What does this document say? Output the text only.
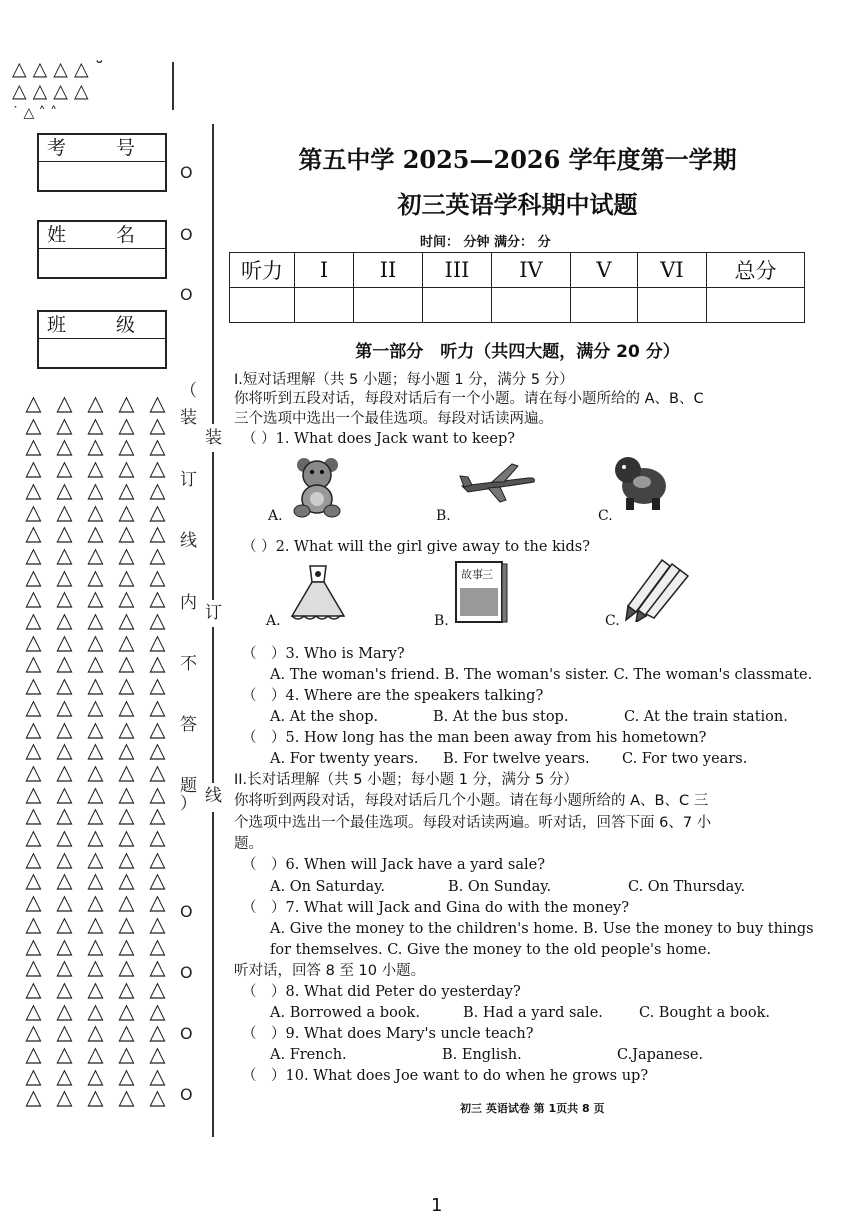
△ △ △ △ ˘
△ △ △ △
˙ △ ˄ ˄
考 号
姓 名
班 级
O
O
O
O
O
O
O
△ △ △ △ △
△ △ △ △ △
△ △ △ △ △
△ △ △ △ △
△ △ △ △ △
△ △ △ △ △
△ △ △ △ △
△ △ △ △ △
△ △ △ △ △
△ △ △ △ △
△ △ △ △ △
△ △ △ △ △
△ △ △ △ △
△ △ △ △ △
△ △ △ △ △
△ △ △ △ △
△ △ △ △ △
△ △ △ △ △
△ △ △ △ △
△ △ △ △ △
△ △ △ △ △
△ △ △ △ △
△ △ △ △ △
△ △ △ △ △
△ △ △ △ △
△ △ △ △ △
△ △ △ △ △
△ △ △ △ △
△ △ △ △ △
△ △ △ △ △
△ △ △ △ △
△ △ △ △ △
△ △ △ △ △
（
装
订
线
内
不
答
题
）
装
订
线
第五中学 2025—2026 学年度第一学期
初三英语学科期中试题
时间： 分钟 满分： 分
听力	I	II	III	IV	V	VI	总分

第一部分　听力（共四大题，满分 20 分）
I.短对话理解（共 5 小题；每小题 1 分，满分 5 分）
你将听到五段对话，每段对话后有一个小题。请在每小题所给的 A、B、C
三个选项中选出一个最佳选项。每段对话读两遍。
（ ）1. What does Jack want to keep?
A.	B.	C.
（ ）2. What will the girl give away to the kids?
A.	B.
故事 三
C.
（　）3. Who is Mary?
A. The woman's friend. B. The woman's sister. C. The woman's classmate.
（　）4. Where are the speakers talking?
A. At the shop.	B. At the bus stop.	C. At the train station.
（　）5. How long has the man been away from his hometown?
A. For twenty years. B. For twelve years. C. For two years.
II.长对话理解（共 5 小题；每小题 1 分，满分 5 分）
你将听到两段对话，每段对话后几个小题。请在每小题所给的 A、B、C 三
个选项中选出一个最佳选项。每段对话读两遍。听对话，回答下面 6、7 小
题。
（　）6. When will Jack have a yard sale?
A. On Saturday.	B. On Sunday.	C. On Thursday.
（　）7. What will Jack and Gina do with the money?
A. Give the money to the children's home. B. Use the money to buy things
for themselves. C. Give the money to the old people's home.
听对话，回答 8 至 10 小题。
（　）8. What did Peter do yesterday?
A. Borrowed a book.	B. Had a yard sale. C. Bought a book.
（　）9. What does Mary's uncle teach?
A. French.	B. English.	C.Japanese.
（　）10. What does Joe want to do when he grows up?
初三 英语试卷 第 1页共 8 页
1
